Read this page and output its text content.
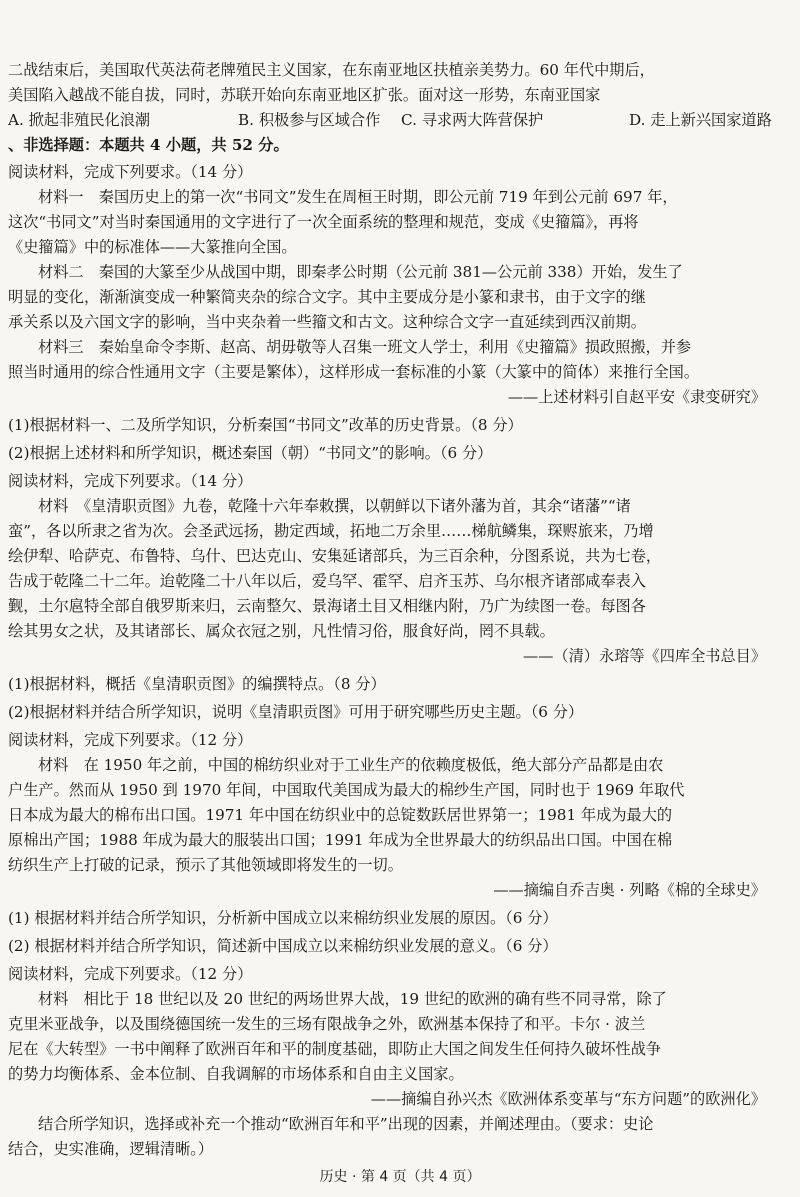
二战结束后，美国取代英法荷老牌殖民主义国家，在东南亚地区扶植亲美势力。60 年代中期后，
美国陷入越战不能自拔，同时，苏联开始向东南亚地区扩张。面对这一形势，东南亚国家
A. 掀起非殖民化浪潮	B. 积极参与区域合作	C. 寻求两大阵营保护	D. 走上新兴国家道路
、非选择题：本题共 4 小题，共 52 分。
阅读材料，完成下列要求。（14 分）
材料一　秦国历史上的第一次“书同文”发生在周桓王时期，即公元前 719 年到公元前 697 年，
这次“书同文”对当时秦国通用的文字进行了一次全面系统的整理和规范，变成《史籀篇》，再将
《史籀篇》中的标准体——大篆推向全国。
材料二　秦国的大篆至少从战国中期，即秦孝公时期（公元前 381—公元前 338）开始，发生了
明显的变化，渐渐演变成一种繁简夹杂的综合文字。其中主要成分是小篆和隶书，由于文字的继
承关系以及六国文字的影响，当中夹杂着一些籀文和古文。这种综合文字一直延续到西汉前期。
材料三　秦始皇命令李斯、赵高、胡毋敬等人召集一班文人学士，利用《史籀篇》损政照搬，并参
照当时通用的综合性通用文字（主要是繁体），这样形成一套标准的小篆（大篆中的简体）来推行全国。
——上述材料引自赵平安《隶变研究》
(1)根据材料一、二及所学知识，分析秦国“书同文”改革的历史背景。（8 分）
(2)根据上述材料和所学知识，概述秦国（朝）“书同文”的影响。（6 分）
阅读材料，完成下列要求。（14 分）
材料　《皇清职贡图》九卷，乾隆十六年奉敕撰，以朝鲜以下诸外藩为首，其余“诸藩”“诸
蛮”，各以所隶之省为次。会圣武远扬，勘定西域，拓地二万余里……梯航鳞集，琛赆旅来，乃增
绘伊犁、哈萨克、布鲁特、乌什、巴达克山、安集延诸部兵，为三百余种，分图系说，共为七卷，
告成于乾隆二十二年。迨乾隆二十八年以后，爱乌罕、霍罕、启齐玉苏、乌尔根齐诸部咸奉表入
觐，土尔扈特全部自俄罗斯来归，云南整欠、景海诸土目又相继内附，乃广为续图一卷。每图各
绘其男女之状，及其诸部长、属众衣冠之别，凡性情习俗，服食好尚，罔不具载。
——（清）永瑢等《四库全书总目》
(1)根据材料，概括《皇清职贡图》的编撰特点。（8 分）
(2)根据材料并结合所学知识，说明《皇清职贡图》可用于研究哪些历史主题。（6 分）
阅读材料，完成下列要求。（12 分）
材料　在 1950 年之前，中国的棉纺织业对于工业生产的依赖度极低，绝大部分产品都是由农
户生产。然而从 1950 到 1970 年间，中国取代美国成为最大的棉纱生产国，同时也于 1969 年取代
日本成为最大的棉布出口国。1971 年中国在纺织业中的总锭数跃居世界第一；1981 年成为最大的
原棉出产国；1988 年成为最大的服装出口国；1991 年成为全世界最大的纺织品出口国。中国在棉
纺织生产上打破的记录，预示了其他领域即将发生的一切。
——摘编自乔吉奥 · 列略《棉的全球史》
(1) 根据材料并结合所学知识，分析新中国成立以来棉纺织业发展的原因。（6 分）
(2) 根据材料并结合所学知识，简述新中国成立以来棉纺织业发展的意义。（6 分）
阅读材料，完成下列要求。（12 分）
材料　相比于 18 世纪以及 20 世纪的两场世界大战，19 世纪的欧洲的确有些不同寻常，除了
克里米亚战争，以及围绕德国统一发生的三场有限战争之外，欧洲基本保持了和平。卡尔 · 波兰
尼在《大转型》一书中阐释了欧洲百年和平的制度基础，即防止大国之间发生任何持久破坏性战争
的势力均衡体系、金本位制、自我调解的市场体系和自由主义国家。
——摘编自孙兴杰《欧洲体系变革与“东方问题”的欧洲化》
结合所学知识，选择或补充一个推动“欧洲百年和平”出现的因素，并阐述理由。（要求：史论
结合，史实准确，逻辑清晰。）
历史 · 第 4 页（共 4 页）
